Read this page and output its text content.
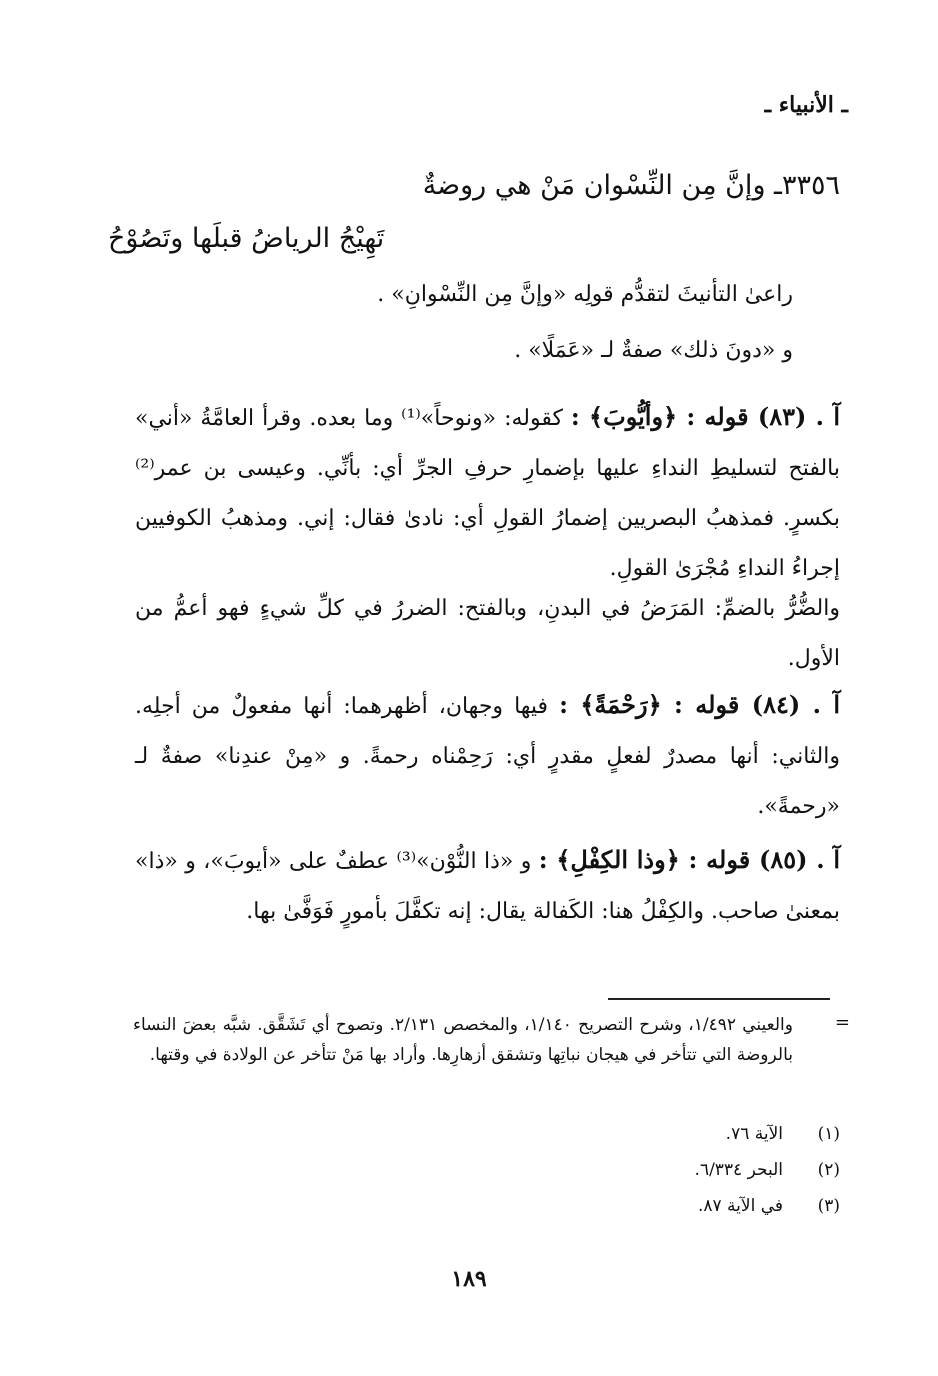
ـ الأنبياء ـ
٣٣٥٦ـ وإنَّ مِن النِّسْوان مَنْ هي روضةٌ
تَهِيْجُ الرياضُ قبلَها وتَصُوْحُ
راعىٰ التأنيثَ لتقدُّم قولِه «وإنَّ مِن النِّسْوانِ» .
و «دونَ ذلك» صفةٌ لـ «عَمَلًا» .
آ . (٨٣) قوله : ﴿وأيُّوبَ﴾ : كقوله: «ونوحاً»⁽¹⁾ وما بعده. وقرأ العامَّةُ «أني» بالفتح لتسليطِ النداءِ عليها بإضمارِ حرفِ الجرِّ أي: بأنِّي. وعيسى بن عمر⁽²⁾ بكسرٍ. فمذهبُ البصريين إضمارُ القولِ أي: نادىٰ فقال: إني. ومذهبُ الكوفيين إجراءُ النداءِ مُجْرَىٰ القولِ.
والضُّرُّ بالضمِّ: المَرَضُ في البدنِ، وبالفتح: الضررُ في كلِّ شيءٍ فهو أعمُّ من الأول.
آ . (٨٤) قوله : ﴿رَحْمَةً﴾ : فيها وجهان، أظهرهما: أنها مفعولٌ من أجلِه. والثاني: أنها مصدرٌ لفعلٍ مقدرٍ أي: رَحِمْناه رحمةً. و «مِنْ عندِنا» صفةٌ لـ «رحمةً».
آ . (٨٥) قوله : ﴿وذا الكِفْلِ﴾ : و «ذا النُّوْن»⁽³⁾ عطفٌ على «أيوبَ»، و «ذا» بمعنىٰ صاحب. والكِفْلُ هنا: الكَفالة يقال: إنه تكفَّلَ بأمورٍ فَوَفَّىٰ بها.
=
والعيني ١/٤٩٢، وشرح التصريح ١/١٤٠، والمخصص ٢/١٣١. وتصوح أي تَشَقَّق. شبَّه بعضَ النساء بالروضة التي تتأخر في هيجان نباتِها وتشقق أزهارِها. وأراد بها مَنْ تتأخر عن الولادة في وقتها.
(١)
الآية ٧٦.
(٢)
البحر ٦/٣٣٤.
(٣)
في الآية ٨٧.
١٨٩
